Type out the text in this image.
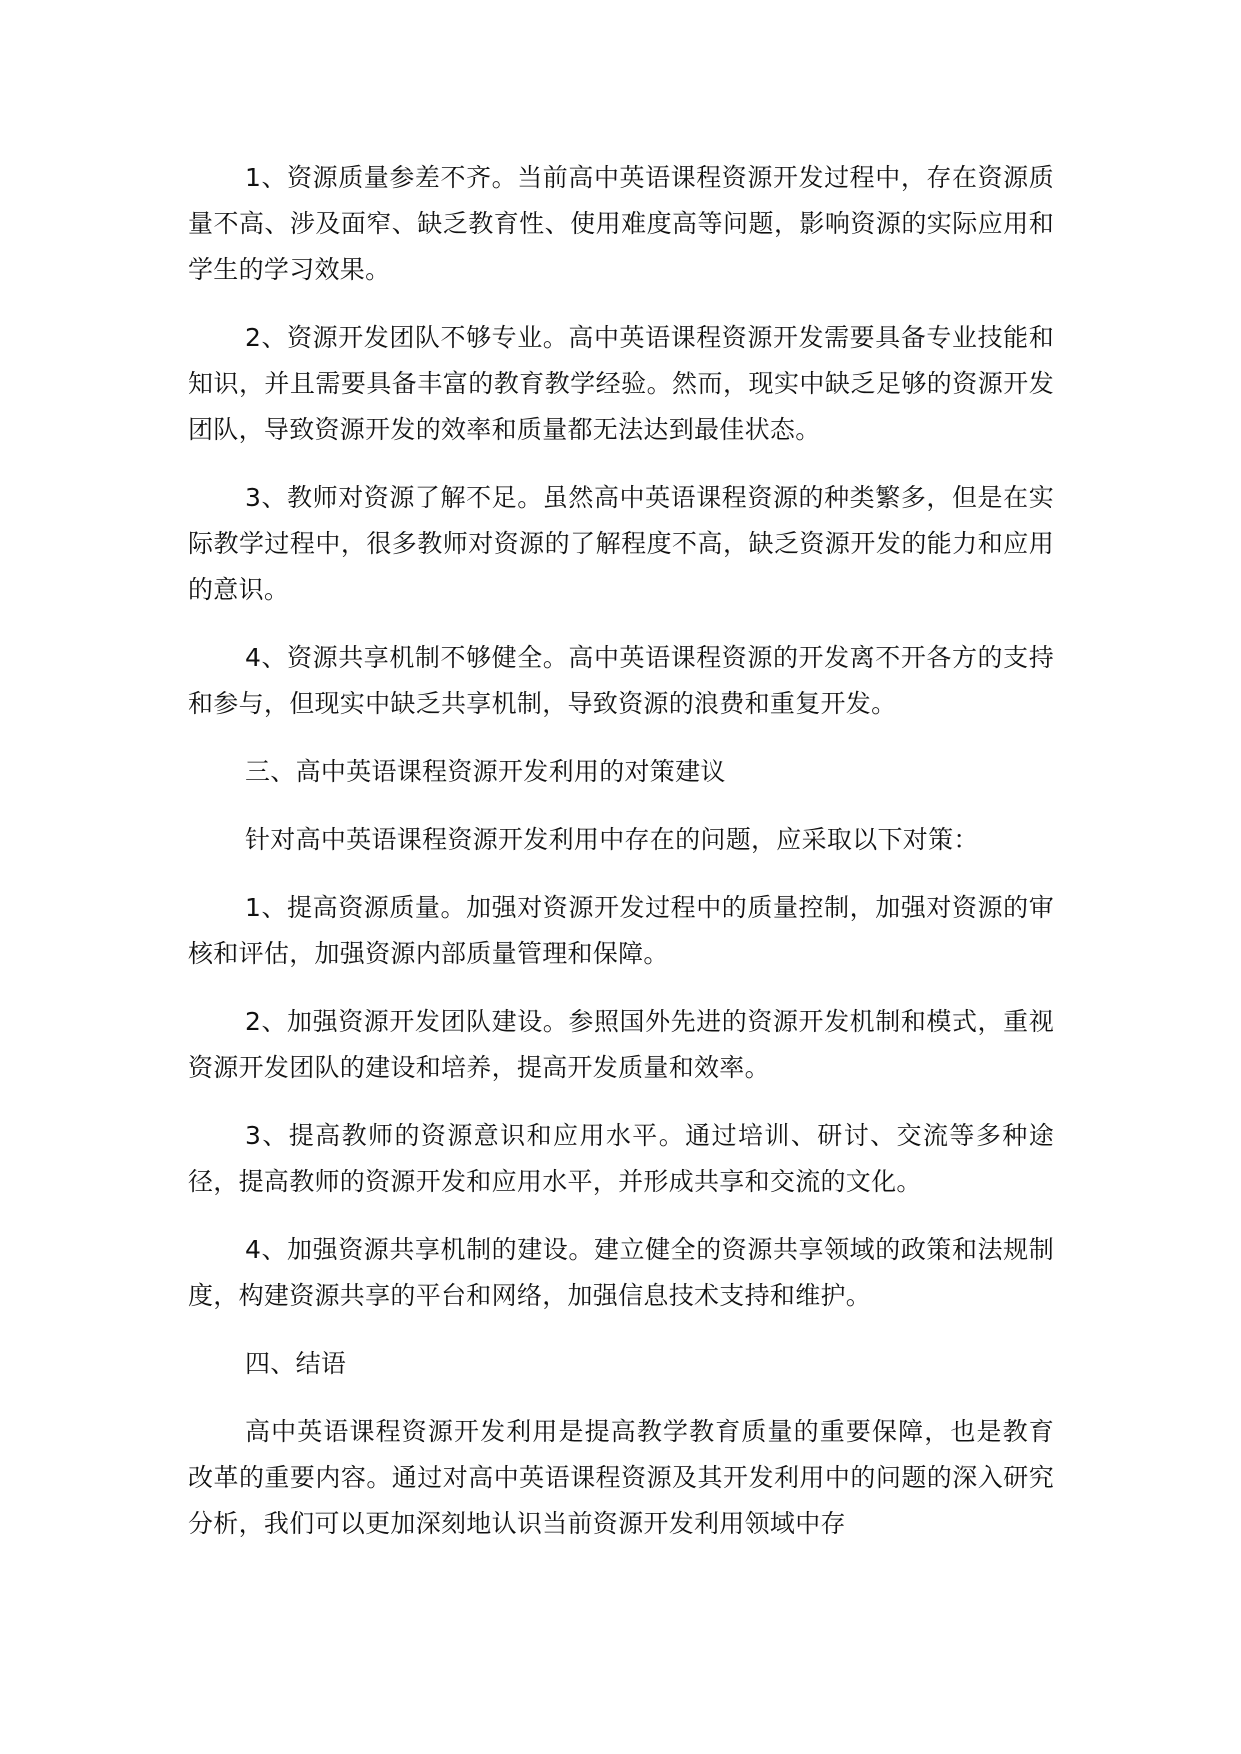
1、资源质量参差不齐。当前高中英语课程资源开发过程中，存在资源质量不高、涉及面窄、缺乏教育性、使用难度高等问题，影响资源的实际应用和学生的学习效果。

2、资源开发团队不够专业。高中英语课程资源开发需要具备专业技能和知识，并且需要具备丰富的教育教学经验。然而，现实中缺乏足够的资源开发团队，导致资源开发的效率和质量都无法达到最佳状态。

3、教师对资源了解不足。虽然高中英语课程资源的种类繁多，但是在实际教学过程中，很多教师对资源的了解程度不高，缺乏资源开发的能力和应用的意识。

4、资源共享机制不够健全。高中英语课程资源的开发离不开各方的支持和参与，但现实中缺乏共享机制，导致资源的浪费和重复开发。

三、高中英语课程资源开发利用的对策建议

针对高中英语课程资源开发利用中存在的问题，应采取以下对策：

1、提高资源质量。加强对资源开发过程中的质量控制，加强对资源的审核和评估，加强资源内部质量管理和保障。

2、加强资源开发团队建设。参照国外先进的资源开发机制和模式，重视资源开发团队的建设和培养，提高开发质量和效率。

3、提高教师的资源意识和应用水平。通过培训、研讨、交流等多种途径，提高教师的资源开发和应用水平，并形成共享和交流的文化。

4、加强资源共享机制的建设。建立健全的资源共享领域的政策和法规制度，构建资源共享的平台和网络，加强信息技术支持和维护。

四、结语

高中英语课程资源开发利用是提高教学教育质量的重要保障，也是教育改革的重要内容。通过对高中英语课程资源及其开发利用中的问题的深入研究分析，我们可以更加深刻地认识当前资源开发利用领域中存
